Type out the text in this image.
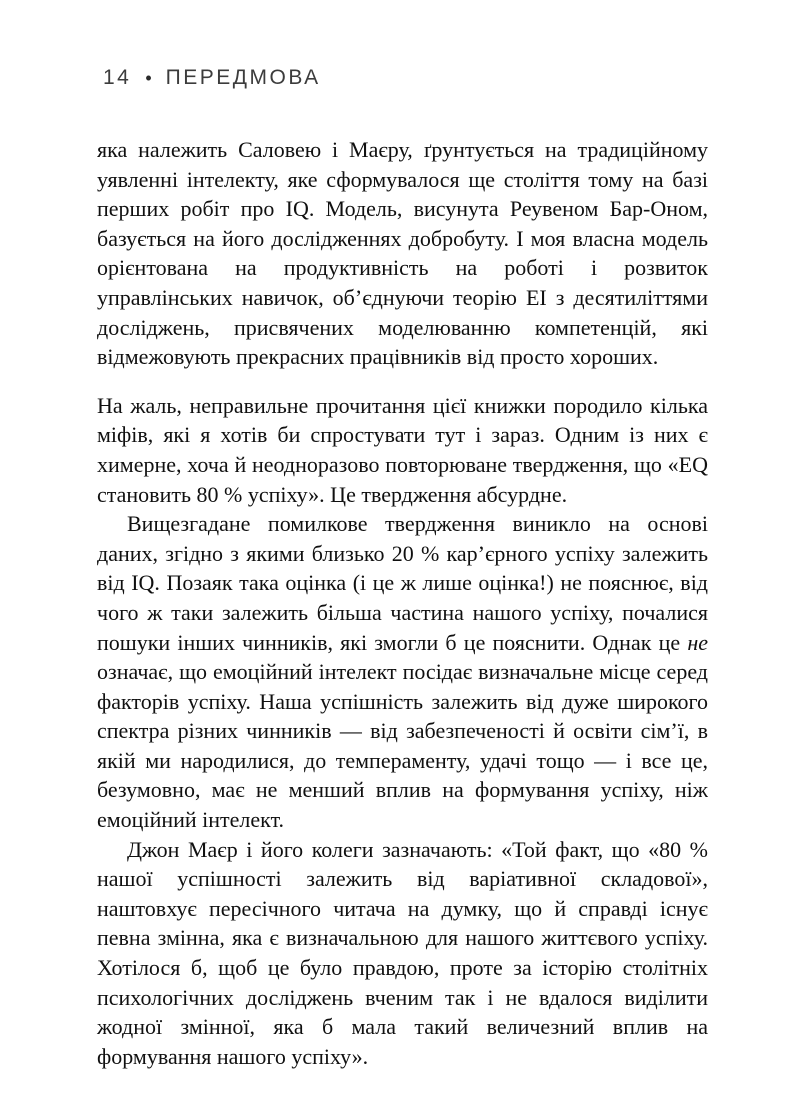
14 • ПЕРЕДМОВА

яка належить Саловею і Маєру, ґрунтується на традиційному уявленні інтелекту, яке сформувалося ще століття тому на базі перших робіт про IQ. Модель, висунута Реувеном Бар-Оном, базується на його дослідженнях добробуту. І моя власна модель орієнтована на продуктивність на роботі і розвиток управлінських навичок, об’єднуючи теорію ЕІ з десятиліттями досліджень, присвячених моделюванню компетенцій, які відмежовують прекрасних працівників від просто хороших.

На жаль, неправильне прочитання цієї книжки породило кілька міфів, які я хотів би спростувати тут і зараз. Одним із них є химерне, хоча й неодноразово повторюване твердження, що «EQ становить 80 % успіху». Це твердження абсурдне.

Вищезгадане помилкове твердження виникло на основі даних, згідно з якими близько 20 % кар’єрного успіху залежить від IQ. Позаяк така оцінка (і це ж лише оцінка!) не пояснює, від чого ж таки залежить більша частина нашого успіху, почалися пошуки інших чинників, які змогли б це пояснити. Однак це не означає, що емоційний інтелект посідає визначальне місце серед факторів успіху. Наша успішність залежить від дуже широкого спектра різних чинників — від забезпеченості й освіти сім’ї, в якій ми народилися, до темпераменту, удачі тощо — і все це, безумовно, має не менший вплив на формування успіху, ніж емоційний інтелект.

Джон Маєр і його колеги зазначають: «Той факт, що «80 % нашої успішності залежить від варіативної складової», наштовхує пересічного читача на думку, що й справді існує певна змінна, яка є визначальною для нашого життєвого успіху. Хотілося б, щоб це було правдою, проте за історію столітніх психологічних досліджень вченим так і не вдалося виділити жодної змінної, яка б мала такий величезний вплив на формування нашого успіху».
